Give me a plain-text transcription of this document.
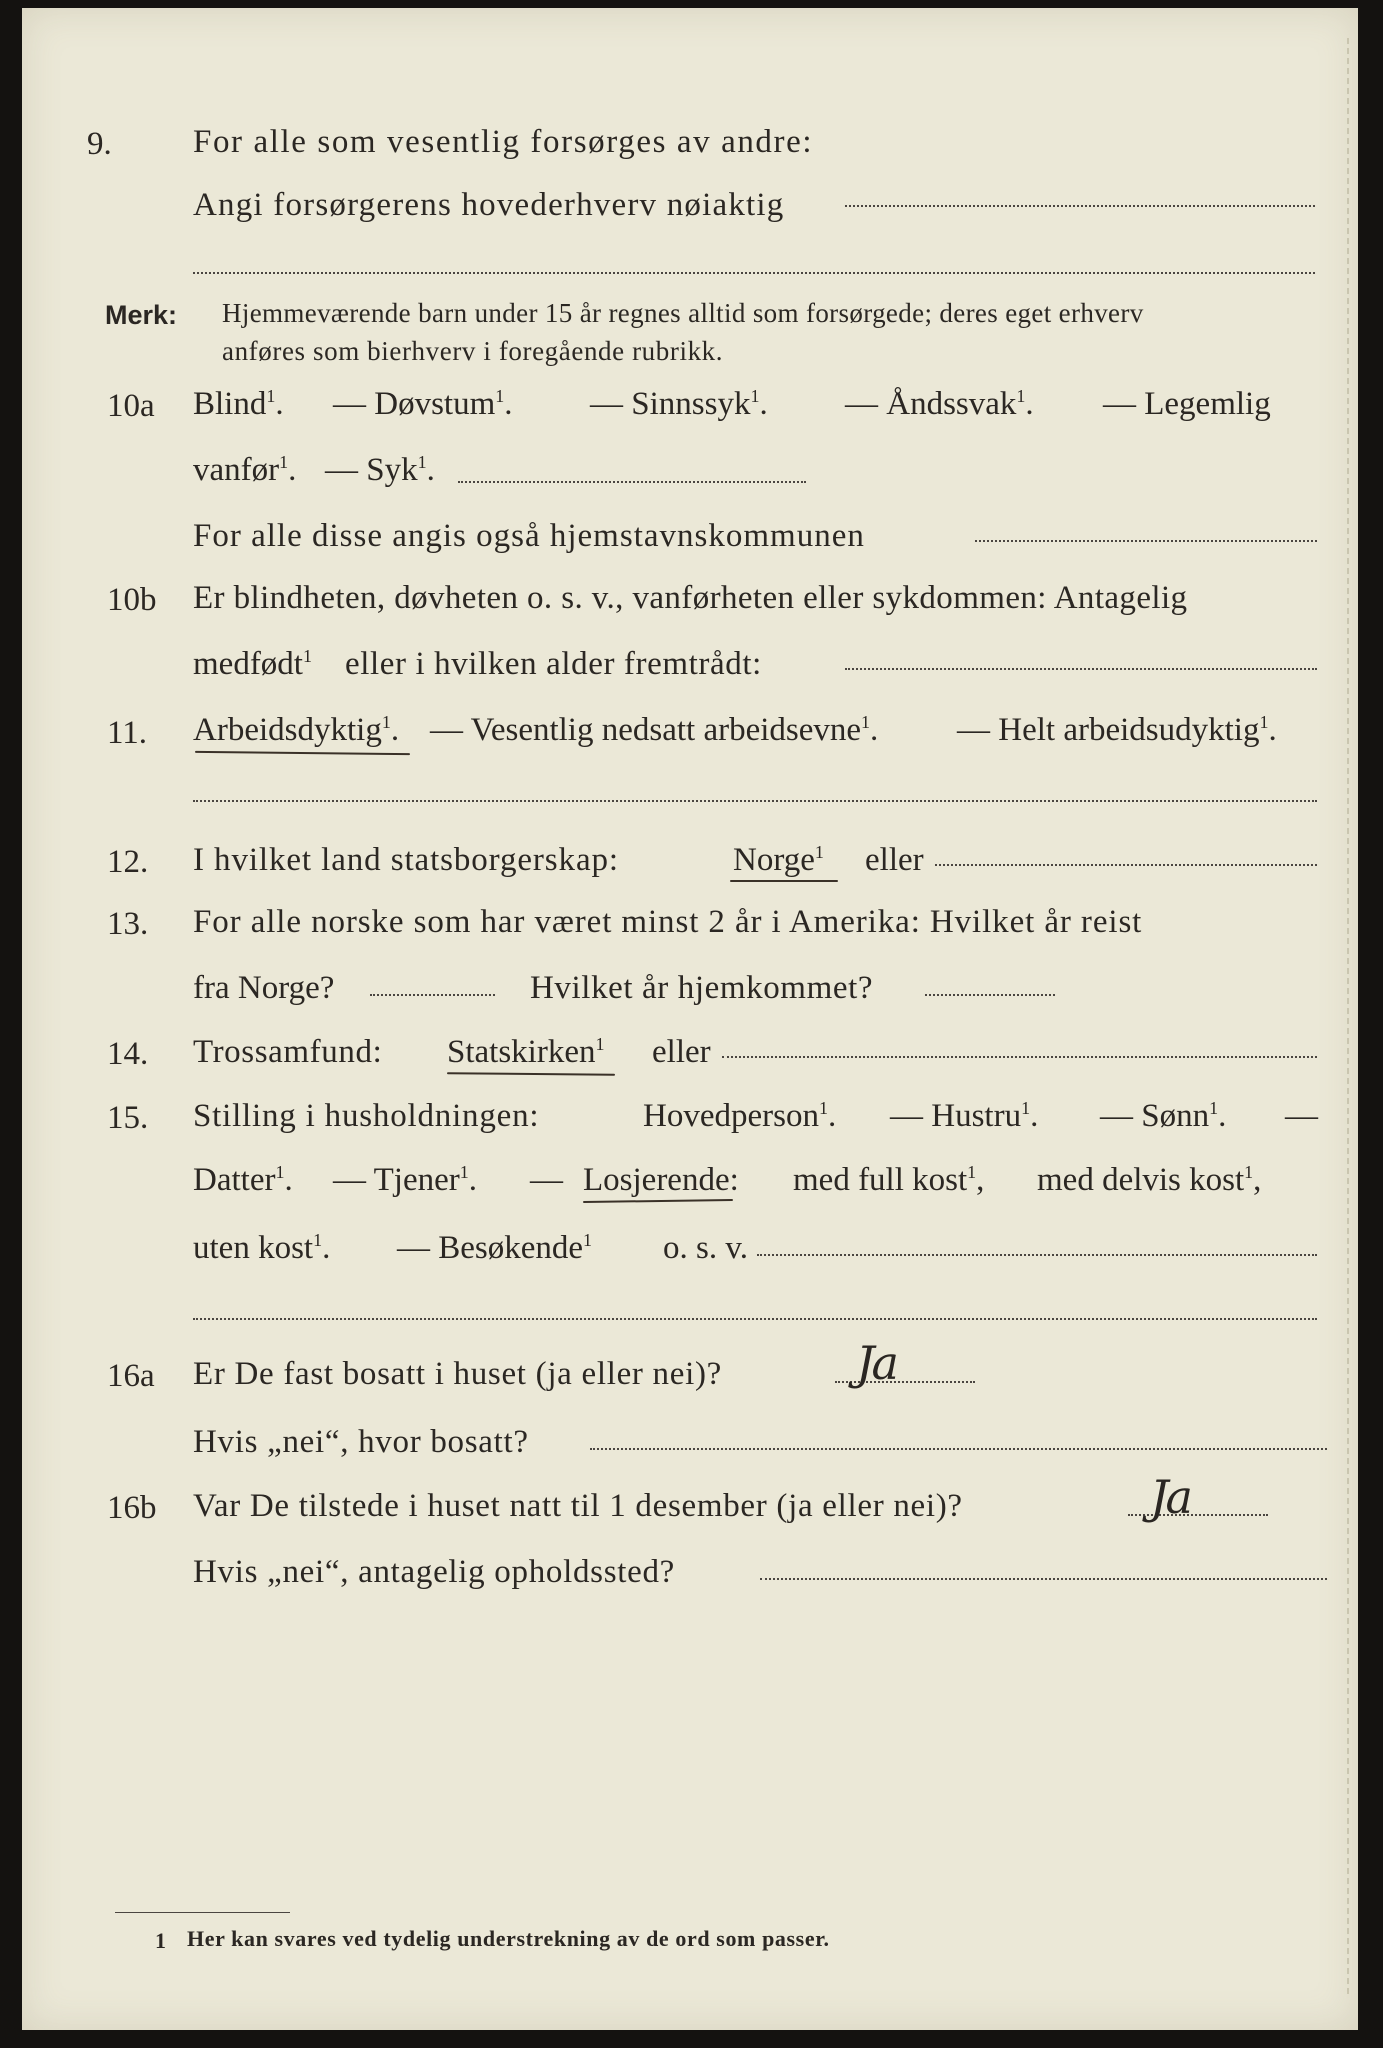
9. For alle som vesentlig forsørges av andre:
Angi forsørgerens hovederhverv nøiaktig
Merk: Hjemmeværende barn under 15 år regnes alltid som forsørgede; deres eget erhverv
anføres som bierhverv i foregående rubrikk.
10a Blind$^1$. — Døvstum$^1$. — Sinnssyk$^1$. — Åndssvak$^1$. — Legemlig
vanfør$^1$. — Syk$^1$.
For alle disse angis også hjemstavnskommunen
10b Er blindheten, døvheten o. s. v., vanførheten eller sykdommen: Antagelig
medfødt$^1$ eller i hvilken alder fremtrådt:
11. Arbeidsdyktig$^1$. — Vesentlig nedsatt arbeidsevne$^1$. — Helt arbeidsudyktig$^1$.
12. I hvilket land statsborgerskap:	Norge$^1$ eller
13. For alle norske som har været minst 2 år i Amerika: Hvilket år reist
fra Norge?	Hvilket år hjemkommet?
14. Trossamfund: Statskirken$^1$ eller
15. Stilling i husholdningen:	Hovedperson$^1$. — Hustru$^1$. — Sønn$^1$. —
Datter$^1$. — Tjener$^1$. — Losjerende: med full kost$^1$, med delvis kost$^1$,
uten kost$^1$. — Besøkende$^1$ o. s. v.
16a Er De fast bosatt i huset (ja eller nei)?	Ja
Hvis „nei“, hvor bosatt?
16b Var De tilstede i huset natt til 1 desember (ja eller nei)?	Ja
Hvis „nei“, antagelig opholdssted?
1 Her kan svares ved tydelig understrekning av de ord som passer.
